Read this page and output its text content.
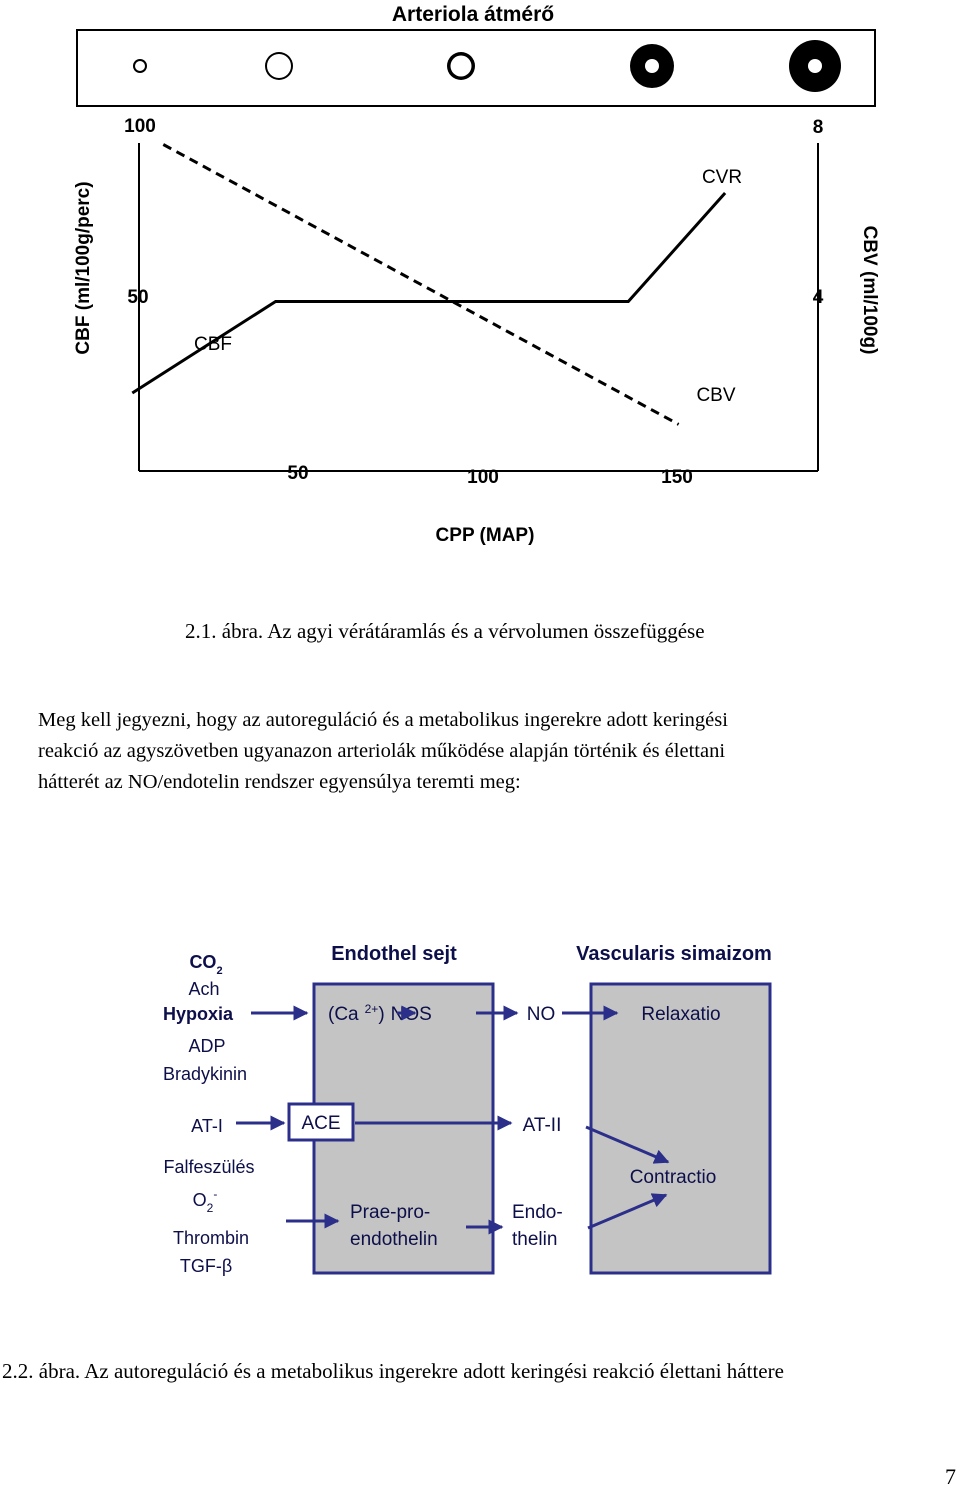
Arteriola átmérő
100
50
8
4
50	100	150
CBF (ml/100g/perc)	CBV (ml/100g)
CPP (MAP)
CBF
CVR
CBV
2.1. ábra. Az agyi vérátáramlás és a vérvolumen összefüggése
Meg kell jegyezni, hogy az autoreguláció és a metabolikus ingerekre adott keringési
reakció az agyszövetben ugyanazon arteriolák működése alapján történik és élettani
hátterét az NO/endotelin rendszer egyensúlya teremti meg:
Endothel sejt	Vascularis simaizom
$CO_2$
Ach
Hypoxia
ADP
Bradykinin
AT-I
Falfeszülés
$O_2^-$
Thrombin
TGF-β
(Ca $^{2+}$) NOS
ACE
Prae-pro-endothelin
NO
AT-II
Endo-thelin
Relaxatio
Contractio
2.2. ábra. Az autoreguláció és a metabolikus ingerekre adott keringési reakció élettani háttere
7
